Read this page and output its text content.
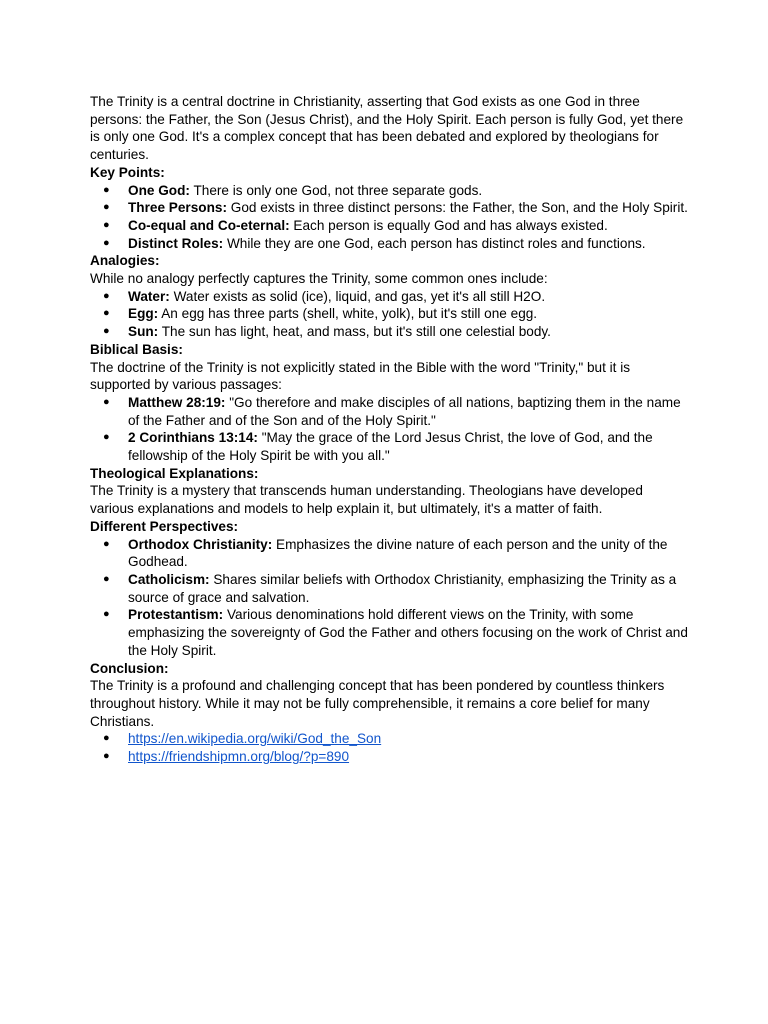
The Trinity is a central doctrine in Christianity, asserting that God exists as one God in three persons: the Father, the Son (Jesus Christ), and the Holy Spirit. Each person is fully God, yet there is only one God. It's a complex concept that has been debated and explored by theologians for centuries.

Key Points:

● One God: There is only one God, not three separate gods.
● Three Persons: God exists in three distinct persons: the Father, the Son, and the Holy Spirit.
● Co-equal and Co-eternal: Each person is equally God and has always existed.
● Distinct Roles: While they are one God, each person has distinct roles and functions.

Analogies:

While no analogy perfectly captures the Trinity, some common ones include:

● Water: Water exists as solid (ice), liquid, and gas, yet it's all still H2O.
● Egg: An egg has three parts (shell, white, yolk), but it's still one egg.
● Sun: The sun has light, heat, and mass, but it's still one celestial body.

Biblical Basis:

The doctrine of the Trinity is not explicitly stated in the Bible with the word "Trinity," but it is supported by various passages:

● Matthew 28:19: "Go therefore and make disciples of all nations, baptizing them in the name of the Father and of the Son and of the Holy Spirit."
● 2 Corinthians 13:14: "May the grace of the Lord Jesus Christ, the love of God, and the fellowship of the Holy Spirit be with you all."

Theological Explanations:

The Trinity is a mystery that transcends human understanding. Theologians have developed various explanations and models to help explain it, but ultimately, it's a matter of faith.

Different Perspectives:

● Orthodox Christianity: Emphasizes the divine nature of each person and the unity of the Godhead.
● Catholicism: Shares similar beliefs with Orthodox Christianity, emphasizing the Trinity as a source of grace and salvation.
● Protestantism: Various denominations hold different views on the Trinity, with some emphasizing the sovereignty of God the Father and others focusing on the work of Christ and the Holy Spirit.

Conclusion:

The Trinity is a profound and challenging concept that has been pondered by countless thinkers throughout history. While it may not be fully comprehensible, it remains a core belief for many Christians.

● https://en.wikipedia.org/wiki/God_the_Son
● https://friendshipmn.org/blog/?p=890
